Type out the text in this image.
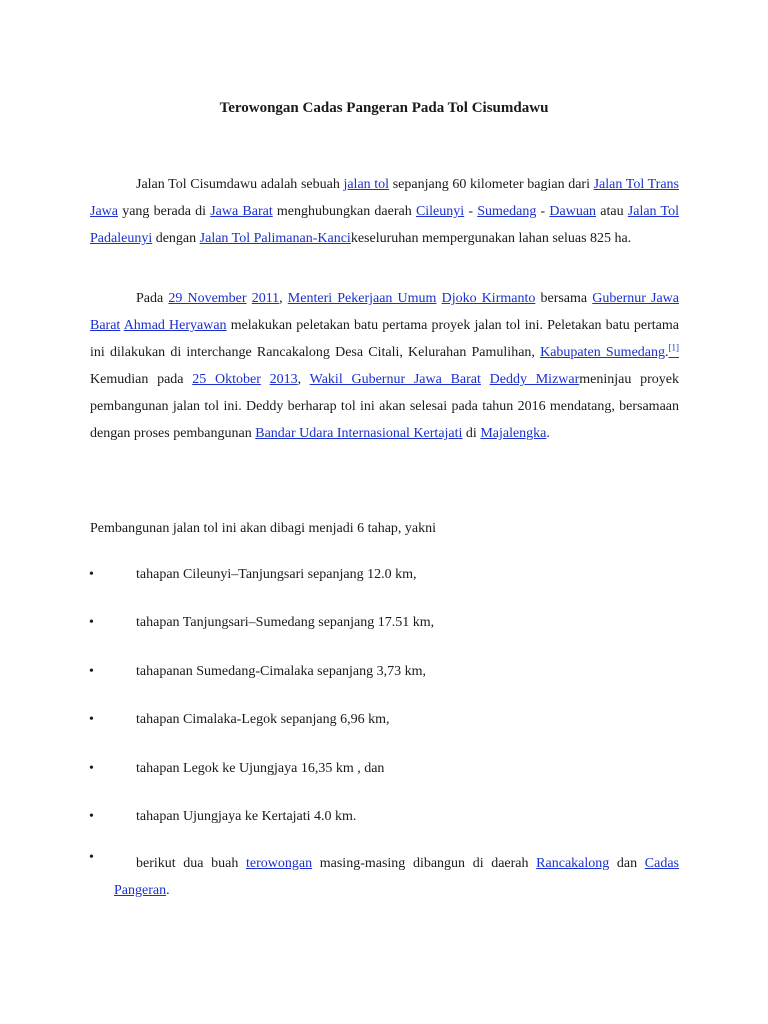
Terowongan Cadas Pangeran Pada Tol Cisumdawu

Jalan Tol Cisumdawu adalah sebuah jalan tol sepanjang 60 kilometer bagian dari Jalan Tol Trans Jawa yang berada di Jawa Barat menghubungkan daerah Cileunyi - Sumedang - Dawuan atau Jalan Tol Padaleunyi dengan Jalan Tol Palimanan-Kancikeseluruhan mempergunakan lahan seluas 825 ha.

Pada 29 November 2011, Menteri Pekerjaan Umum Djoko Kirmanto bersama Gubernur Jawa Barat Ahmad Heryawan melakukan peletakan batu pertama proyek jalan tol ini. Peletakan batu pertama ini dilakukan di interchange Rancakalong Desa Citali, Kelurahan Pamulihan, Kabupaten Sumedang.[1] Kemudian pada 25 Oktober 2013, Wakil Gubernur Jawa Barat Deddy Mizwarmeninjau proyek pembangunan jalan tol ini. Deddy berharap tol ini akan selesai pada tahun 2016 mendatang, bersamaan dengan proses pembangunan Bandar Udara Internasional Kertajati di Majalengka.

Pembangunan jalan tol ini akan dibagi menjadi 6 tahap, yakni

•	tahapan Cileunyi–Tanjungsari sepanjang 12.0 km,
•	tahapan Tanjungsari–Sumedang sepanjang 17.51 km,
•	tahapanan Sumedang-Cimalaka sepanjang 3,73 km,
•	tahapan Cimalaka-Legok sepanjang 6,96 km,
•	tahapan Legok ke Ujungjaya 16,35 km , dan
•	tahapan Ujungjaya ke Kertajati 4.0 km.
•	berikut dua buah terowongan masing-masing dibangun di daerah Rancakalong dan Cadas Pangeran.
